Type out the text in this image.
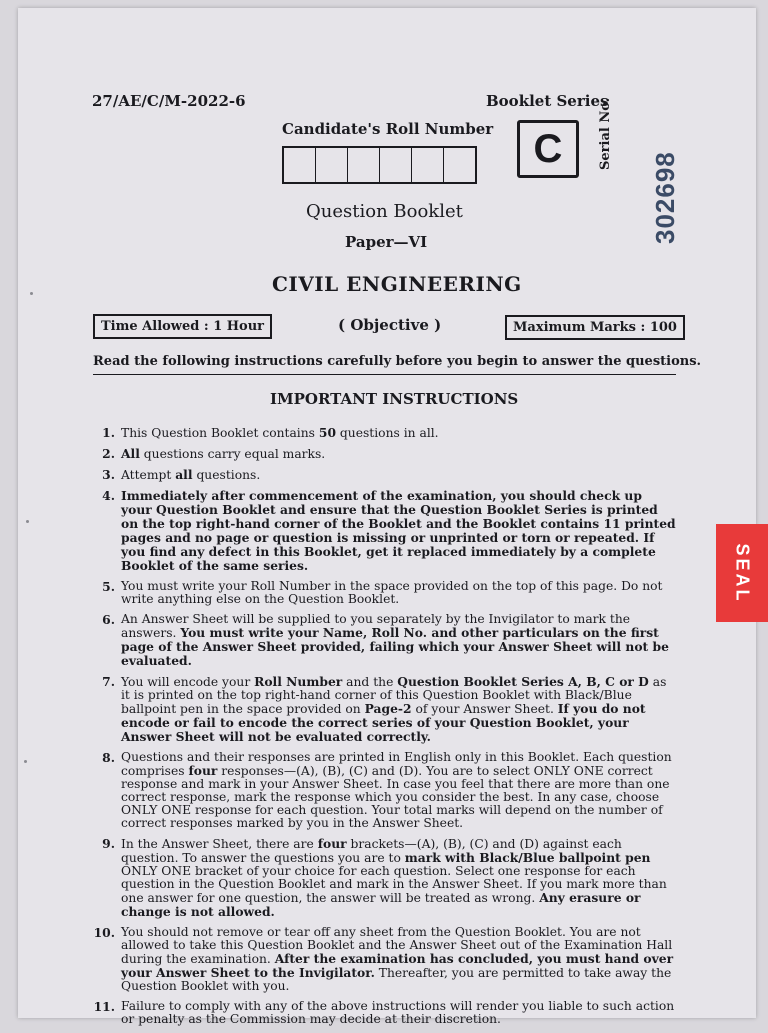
27/AE/C/M-2022-6	Booklet Series
Candidate's Roll Number	C	Serial No.
302698
Question Booklet
Paper—VI
CIVIL ENGINEERING
Time Allowed : 1 Hour	( Objective )	Maximum Marks : 100
Read the following instructions carefully before you begin to answer the questions.
IMPORTANT INSTRUCTIONS
1. This Question Booklet contains 50 questions in all.
2. All questions carry equal marks.
3. Attempt all questions.
4. Immediately after commencement of the examination, you should check up your Question Booklet and ensure that the Question Booklet Series is printed on the top right-hand corner of the Booklet and the Booklet contains 11 printed pages and no page or question is missing or unprinted or torn or repeated. If you find any defect in this Booklet, get it replaced immediately by a complete Booklet of the same series.
5. You must write your Roll Number in the space provided on the top of this page. Do not write anything else on the Question Booklet.
6. An Answer Sheet will be supplied to you separately by the Invigilator to mark the answers. You must write your Name, Roll No. and other particulars on the first page of the Answer Sheet provided, failing which your Answer Sheet will not be evaluated.
7. You will encode your Roll Number and the Question Booklet Series A, B, C or D as it is printed on the top right-hand corner of this Question Booklet with Black/Blue ballpoint pen in the space provided on Page-2 of your Answer Sheet. If you do not encode or fail to encode the correct series of your Question Booklet, your Answer Sheet will not be evaluated correctly.
8. Questions and their responses are printed in English only in this Booklet. Each question comprises four responses—(A), (B), (C) and (D). You are to select ONLY ONE correct response and mark in your Answer Sheet. In case you feel that there are more than one correct response, mark the response which you consider the best. In any case, choose ONLY ONE response for each question. Your total marks will depend on the number of correct responses marked by you in the Answer Sheet.
9. In the Answer Sheet, there are four brackets—(A), (B), (C) and (D) against each question. To answer the questions you are to mark with Black/Blue ballpoint pen ONLY ONE bracket of your choice for each question. Select one response for each question in the Question Booklet and mark in the Answer Sheet. If you mark more than one answer for one question, the answer will be treated as wrong. Any erasure or change is not allowed.
10. You should not remove or tear off any sheet from the Question Booklet. You are not allowed to take this Question Booklet and the Answer Sheet out of the Examination Hall during the examination. After the examination has concluded, you must hand over your Answer Sheet to the Invigilator. Thereafter, you are permitted to take away the Question Booklet with you.
11. Failure to comply with any of the above instructions will render you liable to such action or penalty as the Commission may decide at their discretion.
SEAL
